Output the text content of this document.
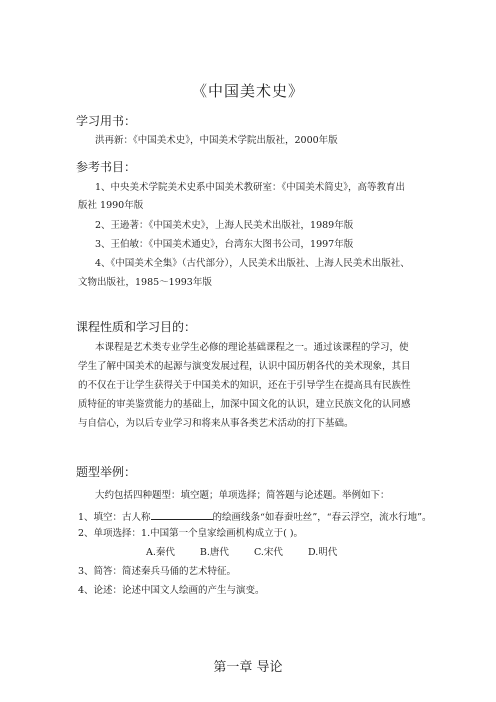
《中国美术史》
学习用书：
洪再新：《中国美术史》，中国美术学院出版社，2000年版
参考书目：
1、中央美术学院美术史系中国美术教研室：《中国美术简史》，高等教育出
版社 1990年版
2、王逊著：《中国美术史》，上海人民美术出版社，1989年版
3、王伯敏：《中国美术通史》，台湾东大图书公司，1997年版
4、《中国美术全集》（古代部分），人民美术出版社、上海人民美术出版社、
文物出版社，1985～1993年版
课程性质和学习目的：
本课程是艺术类专业学生必修的理论基础课程之一。通过该课程的学习，使
学生了解中国美术的起源与演变发展过程，认识中国历朝各代的美术现象，其目
的不仅在于让学生获得关于中国美术的知识，还在于引导学生在提高具有民族性
质特征的审美鉴赏能力的基础上，加深中国文化的认识，建立民族文化的认同感
与自信心，为以后专业学习和将来从事各类艺术活动的打下基础。
题型举例：
大约包括四种题型：填空题；单项选择；简答题与论述题。举例如下：
1、填空：古人称	的绘画线条“如春蚕吐丝”，“春云浮空，流水行地”。
2、单项选择：1.中国第一个皇家绘画机构成立于( )。
A.秦代	B.唐代	C.宋代	D.明代
3、简答：简述秦兵马俑的艺术特征。
4、论述：论述中国文人绘画的产生与演变。
第一章 导论
